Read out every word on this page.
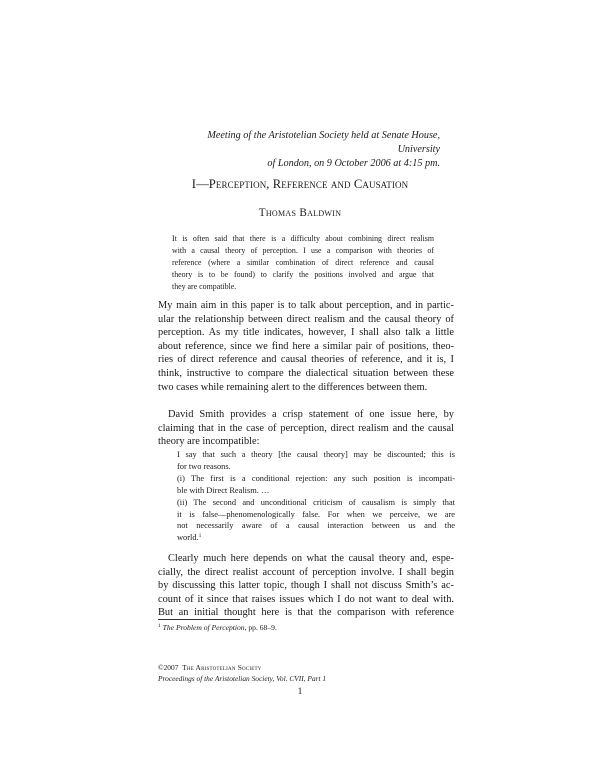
Meeting of the Aristotelian Society held at Senate House, University
of London, on 9 October 2006 at 4:15 pm.
I—Perception, Reference and Causation
Thomas Baldwin
It is often said that there is a difficulty about combining direct realism
with a causal theory of perception. I use a comparison with theories of
reference (where a similar combination of direct reference and causal
theory is to be found) to clarify the positions involved and argue that
they are compatible.
My main aim in this paper is to talk about perception, and in partic-
ular the relationship between direct realism and the causal theory of
perception. As my title indicates, however, I shall also talk a little
about reference, since we find here a similar pair of positions, theo-
ries of direct reference and causal theories of reference, and it is, I
think, instructive to compare the dialectical situation between these
two cases while remaining alert to the differences between them.
David Smith provides a crisp statement of one issue here, by
claiming that in the case of perception, direct realism and the causal
theory are incompatible:
I say that such a theory [the causal theory] may be discounted; this is
for two reasons.
(i) The first is a conditional rejection: any such position is incompati-
ble with Direct Realism. …
(ii) The second and unconditional criticism of causalism is simply that
it is false—phenomenologically false. For when we perceive, we are
not necessarily aware of a causal interaction between us and the
world.$^1$
Clearly much here depends on what the causal theory and, espe-
cially, the direct realist account of perception involve. I shall begin
by discussing this latter topic, though I shall not discuss Smith’s ac-
count of it since that raises issues which I do not want to deal with.
But an initial thought here is that the comparison with reference
$^1$ The Problem of Perception, pp. 68–9.
©2007 The Aristotelian Society
Proceedings of the Aristotelian Society, Vol. CVII, Part 1
1
